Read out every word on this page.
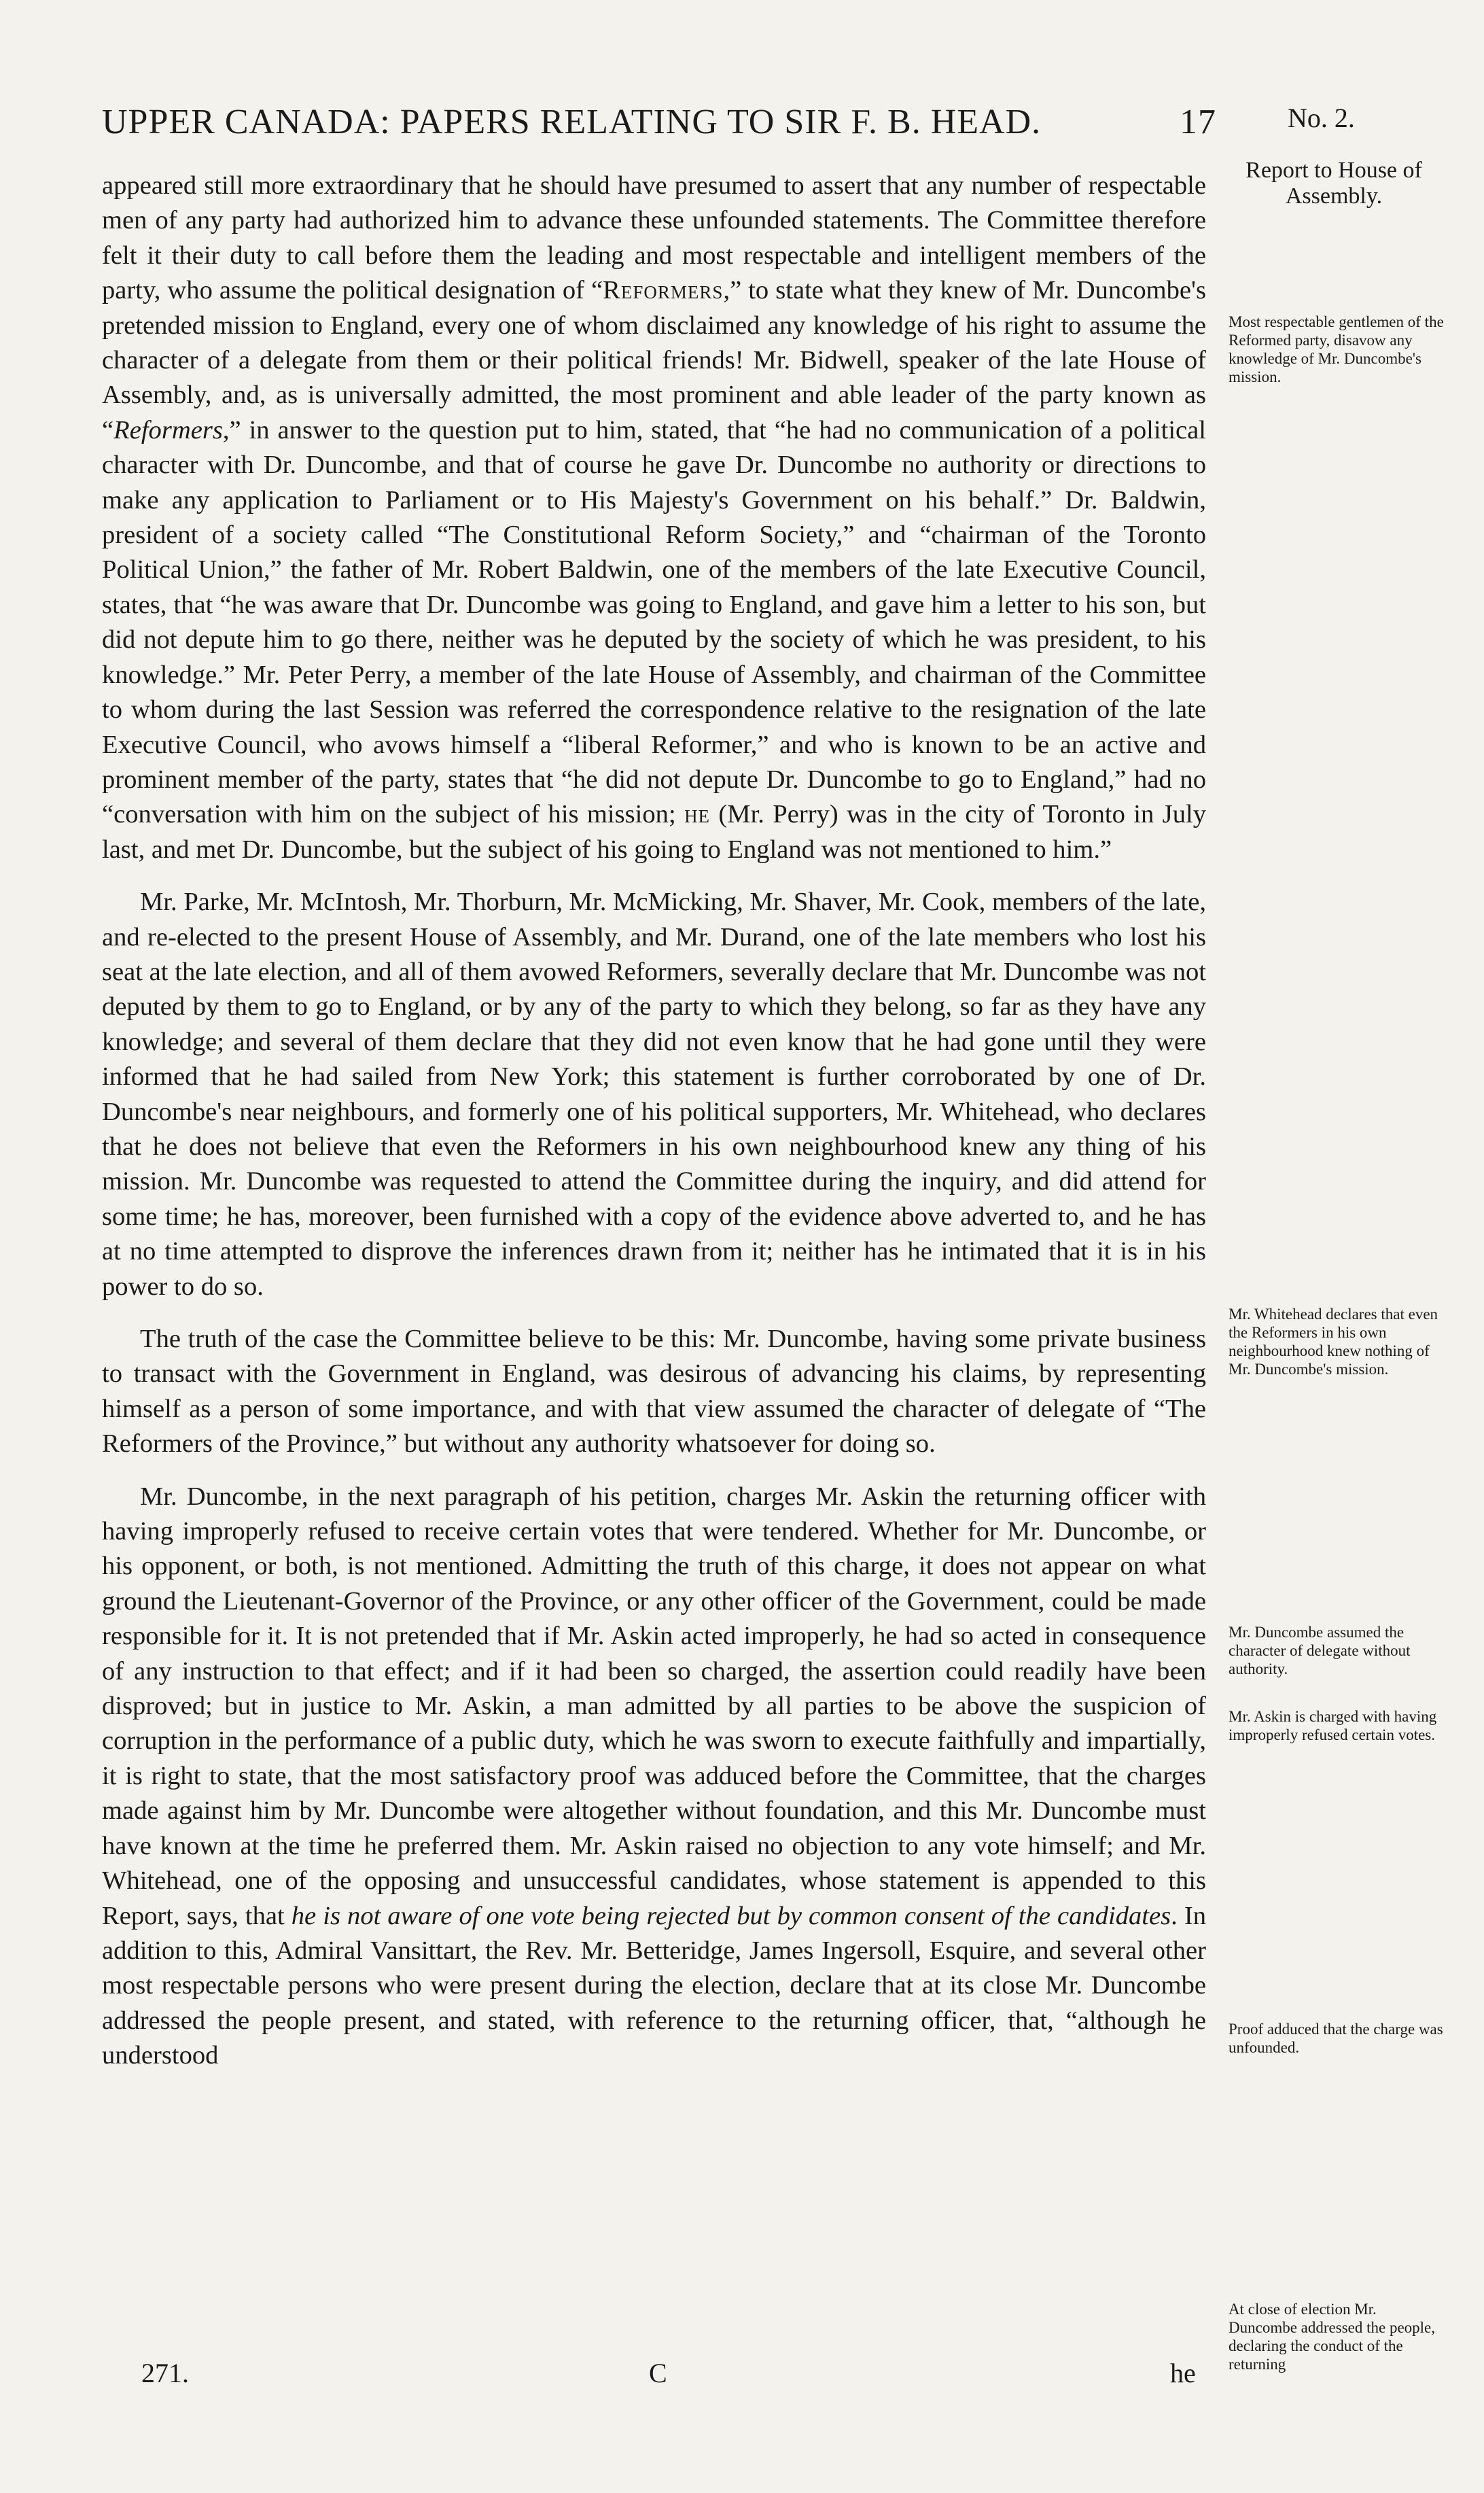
UPPER CANADA: PAPERS RELATING TO SIR F. B. HEAD.	17	No. 2.
Report to House of Assembly.
Most respectable gentlemen of the Reformed party, disavow any knowledge of Mr. Duncombe's mission.
Mr. Whitehead declares that even the Reformers in his own neighbourhood knew nothing of Mr. Duncombe's mission.
Mr. Duncombe assumed the character of delegate without authority.
Mr. Askin is charged with having improperly refused certain votes.
Proof adduced that the charge was unfounded.
At close of election Mr. Duncombe addressed the people, declaring the conduct of the returning

appeared still more extraordinary that he should have presumed to assert that any number of respectable men of any party had authorized him to advance these unfounded statements. The Committee therefore felt it their duty to call before them the leading and most respectable and intelligent members of the party, who assume the political designation of “Reformers,” to state what they knew of Mr. Duncombe's pretended mission to England, every one of whom disclaimed any knowledge of his right to assume the character of a delegate from them or their political friends! Mr. Bidwell, speaker of the late House of Assembly, and, as is universally admitted, the most prominent and able leader of the party known as “Reformers,” in answer to the question put to him, stated, that “he had no communication of a political character with Dr. Duncombe, and that of course he gave Dr. Duncombe no authority or directions to make any application to Parliament or to His Majesty's Government on his behalf.” Dr. Baldwin, president of a society called “The Constitutional Reform Society,” and “chairman of the Toronto Political Union,” the father of Mr. Robert Baldwin, one of the members of the late Executive Council, states, that “he was aware that Dr. Duncombe was going to England, and gave him a letter to his son, but did not depute him to go there, neither was he deputed by the society of which he was president, to his knowledge.” Mr. Peter Perry, a member of the late House of Assembly, and chairman of the Committee to whom during the last Session was referred the correspondence relative to the resignation of the late Executive Council, who avows himself a “liberal Reformer,” and who is known to be an active and prominent member of the party, states that “he did not depute Dr. Duncombe to go to England,” had no “conversation with him on the subject of his mission; he (Mr. Perry) was in the city of Toronto in July last, and met Dr. Duncombe, but the subject of his going to England was not mentioned to him.”

Mr. Parke, Mr. McIntosh, Mr. Thorburn, Mr. McMicking, Mr. Shaver, Mr. Cook, members of the late, and re-elected to the present House of Assembly, and Mr. Durand, one of the late members who lost his seat at the late election, and all of them avowed Reformers, severally declare that Mr. Duncombe was not deputed by them to go to England, or by any of the party to which they belong, so far as they have any knowledge; and several of them declare that they did not even know that he had gone until they were informed that he had sailed from New York; this statement is further corroborated by one of Dr. Duncombe's near neighbours, and formerly one of his political supporters, Mr. Whitehead, who declares that he does not believe that even the Reformers in his own neighbourhood knew any thing of his mission. Mr. Duncombe was requested to attend the Committee during the inquiry, and did attend for some time; he has, moreover, been furnished with a copy of the evidence above adverted to, and he has at no time attempted to disprove the inferences drawn from it; neither has he intimated that it is in his power to do so.

The truth of the case the Committee believe to be this: Mr. Duncombe, having some private business to transact with the Government in England, was desirous of advancing his claims, by representing himself as a person of some importance, and with that view assumed the character of delegate of “The Reformers of the Province,” but without any authority whatsoever for doing so.

Mr. Duncombe, in the next paragraph of his petition, charges Mr. Askin the returning officer with having improperly refused to receive certain votes that were tendered. Whether for Mr. Duncombe, or his opponent, or both, is not mentioned. Admitting the truth of this charge, it does not appear on what ground the Lieutenant-Governor of the Province, or any other officer of the Government, could be made responsible for it. It is not pretended that if Mr. Askin acted improperly, he had so acted in consequence of any instruction to that effect; and if it had been so charged, the assertion could readily have been disproved; but in justice to Mr. Askin, a man admitted by all parties to be above the suspicion of corruption in the performance of a public duty, which he was sworn to execute faithfully and impartially, it is right to state, that the most satisfactory proof was adduced before the Committee, that the charges made against him by Mr. Duncombe were altogether without foundation, and this Mr. Duncombe must have known at the time he preferred them. Mr. Askin raised no objection to any vote himself; and Mr. Whitehead, one of the opposing and unsuccessful candidates, whose statement is appended to this Report, says, that he is not aware of one vote being rejected but by common consent of the candidates. In addition to this, Admiral Vansittart, the Rev. Mr. Betteridge, James Ingersoll, Esquire, and several other most respectable persons who were present during the election, declare that at its close Mr. Duncombe addressed the people present, and stated, with reference to the returning officer, that, “although he understood

271.	C	he
